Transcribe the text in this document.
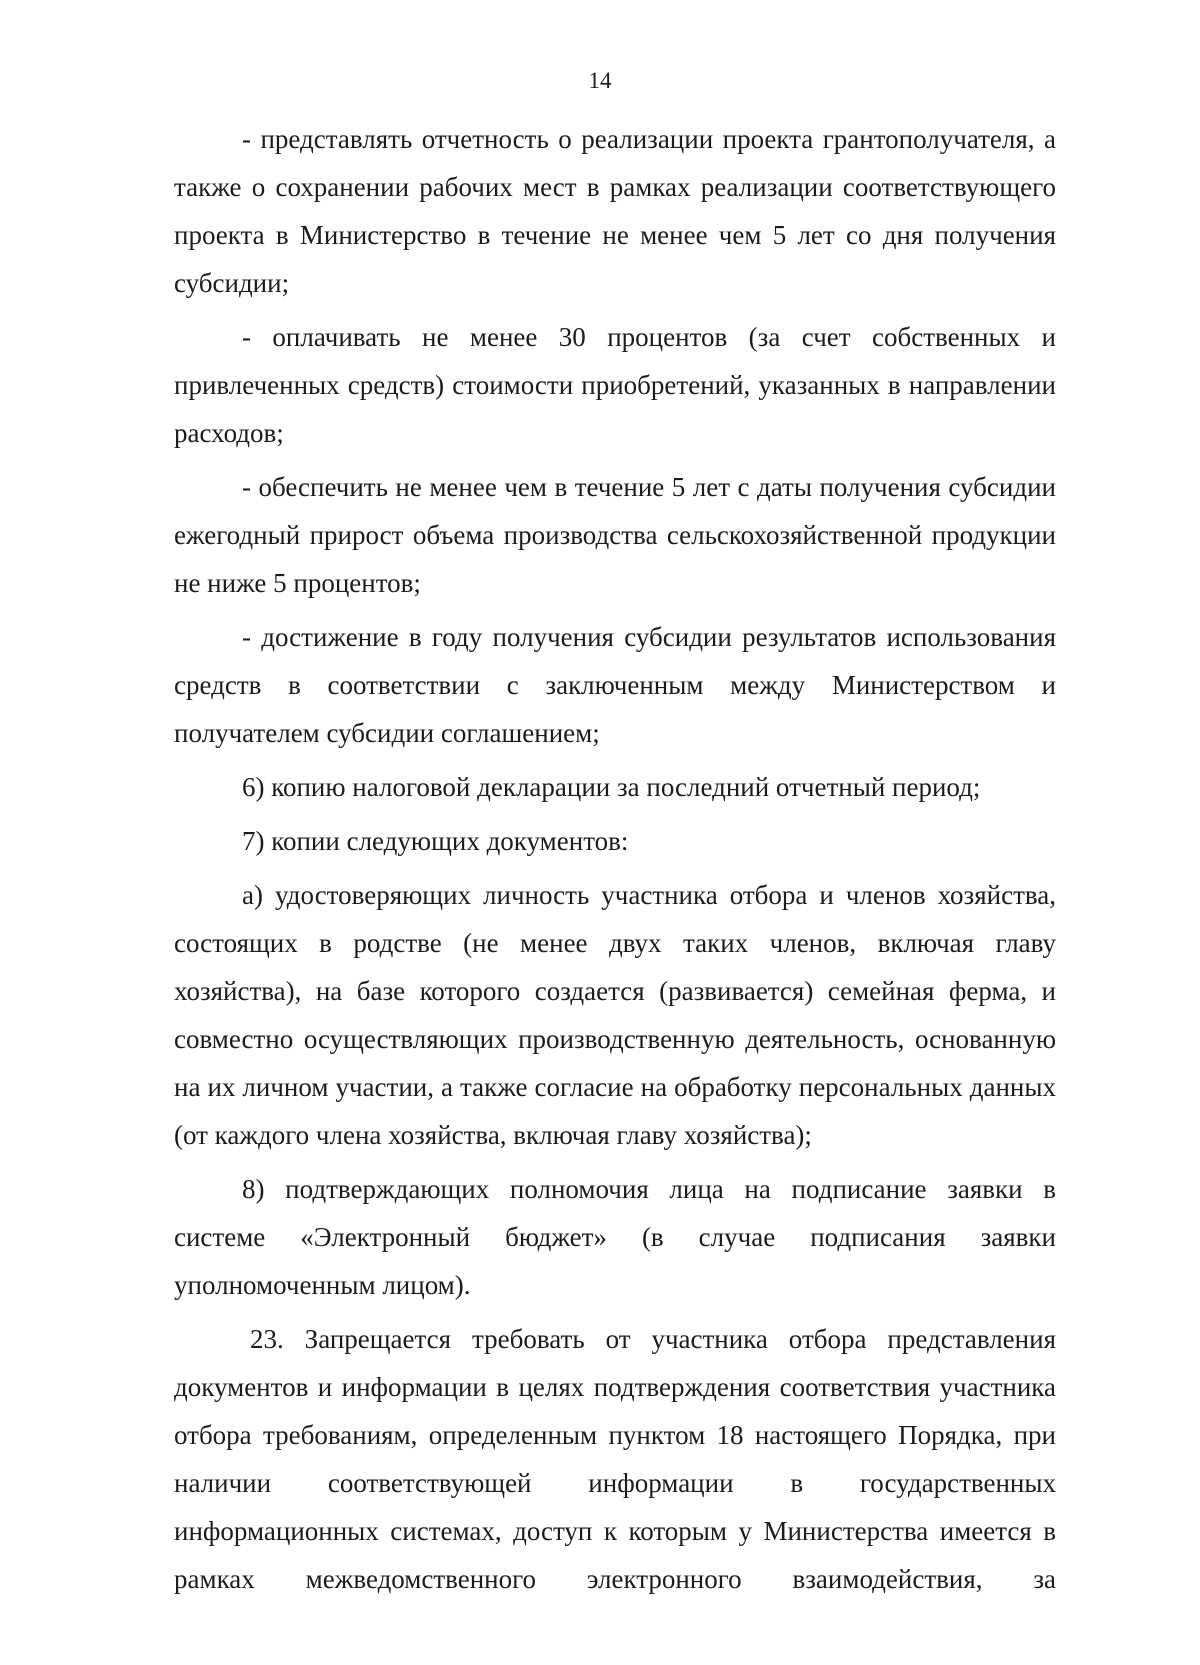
14

- представлять отчетность о реализации проекта грантополучателя, а также о сохранении рабочих мест в рамках реализации соответствующего проекта в Министерство в течение не менее чем 5 лет со дня получения субсидии;

- оплачивать не менее 30 процентов (за счет собственных и привлеченных средств) стоимости приобретений, указанных в направлении расходов;

- обеспечить не менее чем в течение 5 лет с даты получения субсидии ежегодный прирост объема производства сельскохозяйственной продукции не ниже 5 процентов;

- достижение в году получения субсидии результатов использования средств в соответствии с заключенным между Министерством и получателем субсидии соглашением;

6) копию налоговой декларации за последний отчетный период;

7) копии следующих документов:

а) удостоверяющих личность участника отбора и членов хозяйства, состоящих в родстве (не менее двух таких членов, включая главу хозяйства), на базе которого создается (развивается) семейная ферма, и совместно осуществляющих производственную деятельность, основанную на их личном участии, а также согласие на обработку персональных данных (от каждого члена хозяйства, включая главу хозяйства);

8) подтверждающих полномочия лица на подписание заявки в системе «Электронный бюджет» (в случае подписания заявки уполномоченным лицом).

23. Запрещается требовать от участника отбора представления документов и информации в целях подтверждения соответствия участника отбора требованиям, определенным пунктом 18 настоящего Порядка, при наличии соответствующей информации в государственных информационных системах, доступ к которым у Министерства имеется в рамках межведомственного электронного взаимодействия, за
